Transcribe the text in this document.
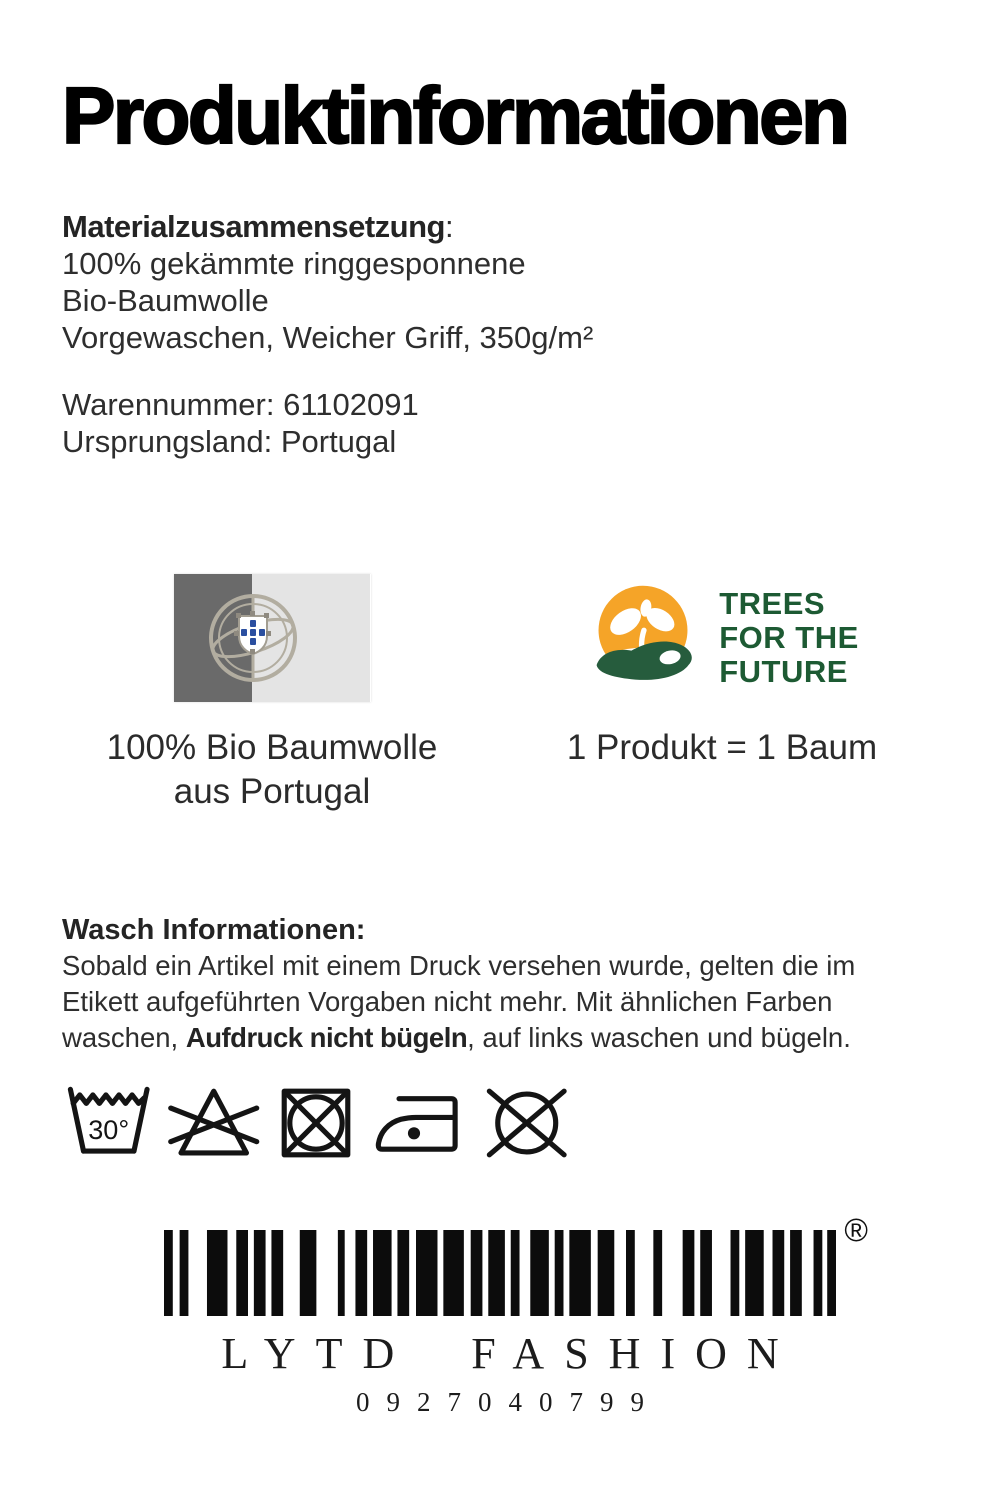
Produktinformationen
Materialzusammensetzung:
100% gekämmte ringgesponnene
Bio-Baumwolle
Vorgewaschen, Weicher Griff, 350g/m²
Warennummer: 61102091
Ursprungsland: Portugal
100% Bio Baumwolle
aus Portugal
TREES
FOR THE
FUTURE
1 Produkt = 1 Baum
Wasch Informationen:
Sobald ein Artikel mit einem Druck versehen wurde, gelten die im
Etikett aufgeführten Vorgaben nicht mehr. Mit ähnlichen Farben
waschen, Aufdruck nicht bügeln, auf links waschen und bügeln.
30°
®
LYTD FASHION
0927040799
